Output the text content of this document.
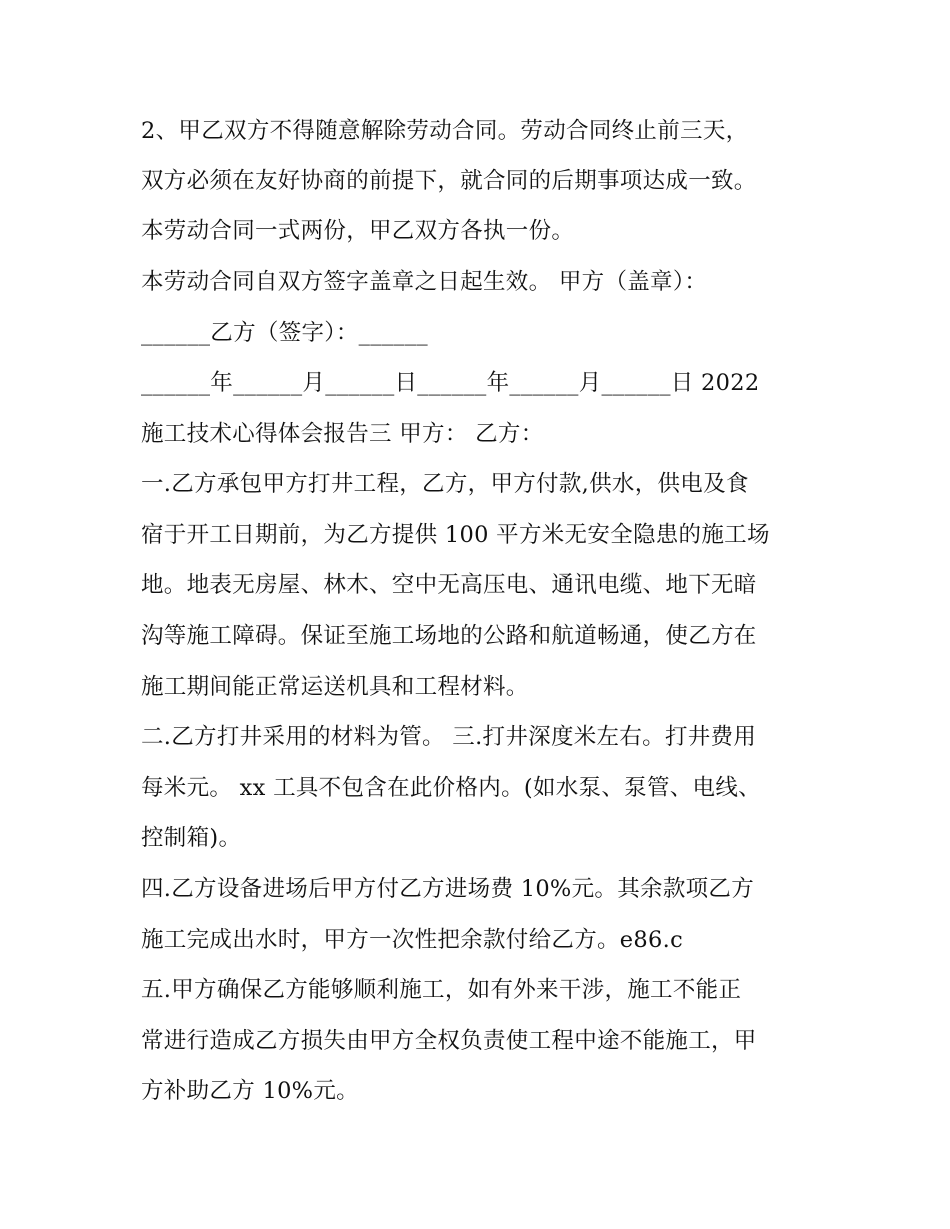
2、甲乙双方不得随意解除劳动合同。劳动合同终止前三天，
双方必须在友好协商的前提下，就合同的后期事项达成一致。
本劳动合同一式两份，甲乙双方各执一份。
本劳动合同自双方签字盖章之日起生效。 甲方（盖章）：
______乙方（签字）：______
______年______月______日______年______月______日 2022
施工技术心得体会报告三 甲方： 乙方：
一.乙方承包甲方打井工程，乙方，甲方付款,供水，供电及食
宿于开工日期前，为乙方提供 100 平方米无安全隐患的施工场
地。地表无房屋、林木、空中无高压电、通讯电缆、地下无暗
沟等施工障碍。保证至施工场地的公路和航道畅通，使乙方在
施工期间能正常运送机具和工程材料。
二.乙方打井采用的材料为管。 三.打井深度米左右。打井费用
每米元。 xx 工具不包含在此价格内。(如水泵、泵管、电线、
控制箱)。
四.乙方设备进场后甲方付乙方进场费 10%元。其余款项乙方
施工完成出水时，甲方一次性把余款付给乙方。e86.c
五.甲方确保乙方能够顺利施工，如有外来干涉，施工不能正
常进行造成乙方损失由甲方全权负责使工程中途不能施工，甲
方补助乙方 10%元。
